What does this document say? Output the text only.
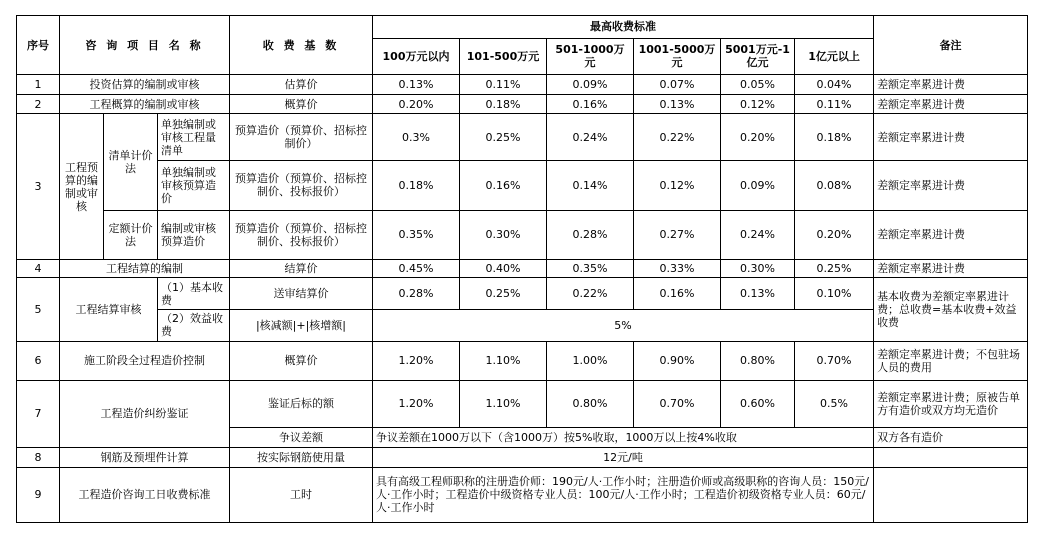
序号	咨 询 项 目 名 称			收 费 基 数	最高收费标准						备注
					100万元以内	101-500万元	501-1000万元	1001-5000万元	5001万元-1亿元	1亿元以上	
1	投资估算的编制或审核			估算价	0.13%	0.11%	0.09%	0.07%	0.05%	0.04%	差额定率累进计费
2	工程概算的编制或审核			概算价	0.20%	0.18%	0.16%	0.13%	0.12%	0.11%	差额定率累进计费
3	工程预算的编制或审核	清单计价法	单独编制或审核工程量清单	预算造价（预算价、招标控制价）	0.3%	0.25%	0.24%	0.22%	0.20%	0.18%	差额定率累进计费
			单独编制或审核预算造价	预算造价（预算价、招标控制价、投标报价）	0.18%	0.16%	0.14%	0.12%	0.09%	0.08%	差额定率累进计费
		定额计价法	编制或审核预算造价	预算造价（预算价、招标控制价、投标报价）	0.35%	0.30%	0.28%	0.27%	0.24%	0.20%	差额定率累进计费
4	工程结算的编制			结算价	0.45%	0.40%	0.35%	0.33%	0.30%	0.25%	差额定率累进计费
5	工程结算审核		（1）基本收费	送审结算价	0.28%	0.25%	0.22%	0.16%	0.13%	0.10%	基本收费为差额定率累进计费；总收费=基本收费+效益收费
			（2）效益收费	|核减额|+|核增额|	5%						
6	施工阶段全过程造价控制			概算价	1.20%	1.10%	1.00%	0.90%	0.80%	0.70%	差额定率累进计费；不包驻场人员的费用
7	工程造价纠纷鉴证			鉴证后标的额	1.20%	1.10%	0.80%	0.70%	0.60%	0.5%	差额定率累进计费；原被告单方有造价或双方均无造价
				争议差额	争议差额在1000万以下（含1000万）按5%收取，1000万以上按4%收取						双方各有造价
8	钢筋及预埋件计算			按实际钢筋使用量	12元/吨						
9	工程造价咨询工日收费标准			工时	具有高级工程师职称的注册造价师：190元/人·工作小时；注册造价师或高级职称的咨询人员：150元/人·工作小时；工程造价中级资格专业人员：100元/人·工作小时；工程造价初级资格专业人员：60元/人·工作小时						
